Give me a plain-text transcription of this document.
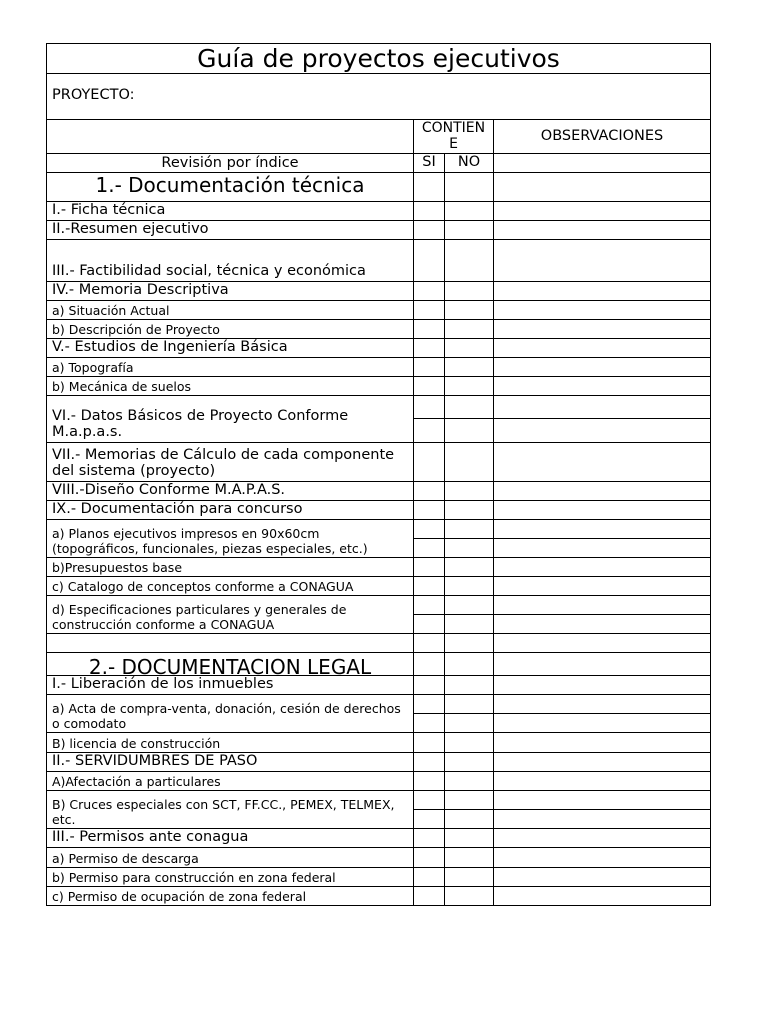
Guía de proyectos ejecutivos
PROYECTO:
CONTIEN
E	OBSERVACIONES
Revisión por índice	SI	NO
1.- Documentación técnica
I.- Ficha técnica
II.-Resumen ejecutivo
III.- Factibilidad social, técnica y económica
IV.- Memoria Descriptiva
a) Situación Actual
b) Descripción de Proyecto
V.- Estudios de Ingeniería Básica
a) Topografía
b) Mecánica de suelos
VI.- Datos Básicos de Proyecto Conforme M.a.p.a.s.
VII.- Memorias de Cálculo de cada componente del sistema (proyecto)
VIII.-Diseño Conforme M.A.P.A.S.
IX.- Documentación para concurso
a) Planos ejecutivos impresos en 90x60cm (topográficos, funcionales, piezas especiales, etc.)
b)Presupuestos base
c) Catalogo de conceptos conforme a CONAGUA
d) Especificaciones particulares y generales de construcción conforme a CONAGUA
2.- DOCUMENTACION LEGAL
I.- Liberación de los inmuebles
a) Acta de compra-venta, donación, cesión de derechos o comodato
B) licencia de construcción
II.- SERVIDUMBRES DE PASO
A)Afectación a particulares
B) Cruces especiales con SCT, FF.CC., PEMEX, TELMEX, etc.
III.- Permisos ante conagua
a) Permiso de descarga
b) Permiso para construcción en zona federal
c) Permiso de ocupación de zona federal
